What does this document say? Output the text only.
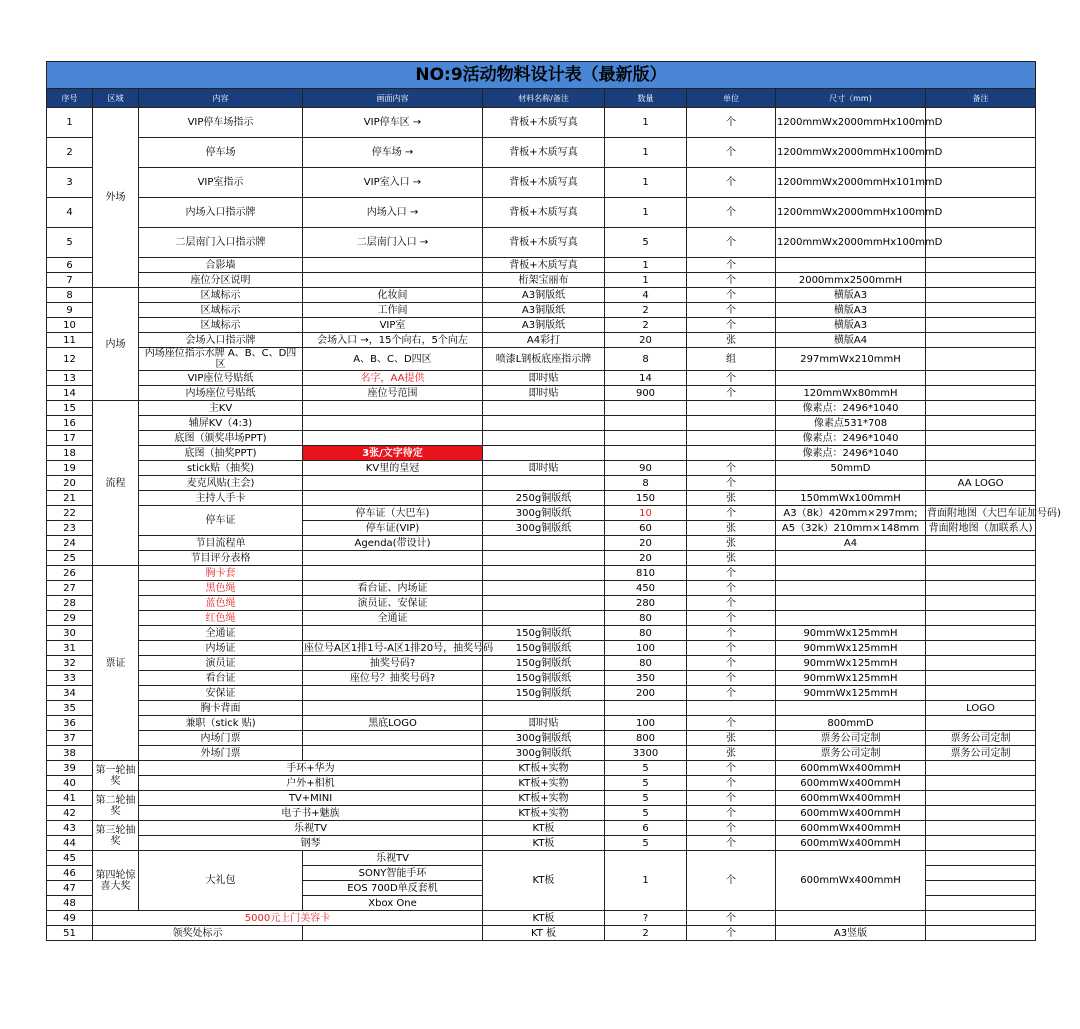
NO:9活动物料设计表（最新版）								
序号	区域	内容	画面内容	材料名称/备注	数量	单位	尺寸（mm)	备注
1	外场	VIP停车场指示	VIP停车区 →	背板+木质写真	1	个	1200mmWx2000mmHx100mmD	
2		停车场	停车场 →	背板+木质写真	1	个	1200mmWx2000mmHx100mmD	
3		VIP室指示	VIP室入口 →	背板+木质写真	1	个	1200mmWx2000mmHx101mmD	
4		内场入口指示牌	内场入口 →	背板+木质写真	1	个	1200mmWx2000mmHx100mmD	
5		二层南门入口指示牌	二层南门入口 →	背板+木质写真	5	个	1200mmWx2000mmHx100mmD	
6		合影墙		背板+木质写真	1	个		
7		座位分区说明		桁架宝丽布	1	个	2000mmx2500mmH	
8	内场	区域标示	化妆间	A3铜版纸	4	个	横版A3	
9		区域标示	工作间	A3铜版纸	2	个	横版A3	
10		区域标示	VIP室	A3铜版纸	2	个	横版A3	
11		会场入口指示牌	会场入口 →，15个向右，5个向左	A4彩打	20	张	横版A4	
12		内场座位指示水牌 A、B、C、D四区	A、B、C、D四区	喷漆L钢板底座指示牌	8	组	297mmWx210mmH	
13		VIP座位号贴纸	名字，AA提供	即时贴	14	个		
14		内场座位号贴纸	座位号范围	即时贴	900	个	120mmWx80mmH	
15	流程	主KV					像素点：2496*1040	
16		辅屏KV（4:3)					像素点531*708	
17		底图（颁奖串场PPT)					像素点：2496*1040	
18		底图（抽奖PPT)	3张/文字待定				像素点：2496*1040	
19		stick贴（抽奖)	KV里的皇冠	即时贴	90	个	50mmD	
20		麦克风贴(主会)			8	个		AA LOGO
21		主持人手卡		250g铜版纸	150	张	150mmWx100mmH	
22		停车证	停车证（大巴车)	300g铜版纸	10	个	A3（8k）420mm×297mm;	背面附地图（大巴车证加号码)
23			停车证(VIP)	300g铜版纸	60	张	A5（32k）210mm×148mm	背面附地图（加联系人)
24		节目流程单	Agenda(带设计)		20	张	A4	
25		节目评分表格			20	张		
26	票证	胸卡套			810	个		
27		黑色绳	看台证、内场证		450	个		
28		蓝色绳	演员证、安保证		280	个		
29		红色绳	全通证		80	个		
30		全通证		150g铜版纸	80	个	90mmWx125mmH	
31		内场证	座位号A区1排1号-A区1排20号，抽奖号码	150g铜版纸	100	个	90mmWx125mmH	
32		演员证	抽奖号码?	150g铜版纸	80	个	90mmWx125mmH	
33		看台证	座位号？抽奖号码?	150g铜版纸	350	个	90mmWx125mmH	
34		安保证		150g铜版纸	200	个	90mmWx125mmH	
35		胸卡背面						LOGO
36		兼职（stick 贴)	黑底LOGO	即时贴	100	个	800mmD	
37		内场门票		300g铜版纸	800	张	票务公司定制	票务公司定制
38		外场门票		300g铜版纸	3300	张	票务公司定制	票务公司定制
39	第一轮抽奖	手环+华为		KT板+实物	5	个	600mmWx400mmH	
40		户外+相机		KT板+实物	5	个	600mmWx400mmH	
41	第二轮抽奖	TV+MINI		KT板+实物	5	个	600mmWx400mmH	
42		电子书+魅族		KT板+实物	5	个	600mmWx400mmH	
43	第三轮抽奖	乐视TV		KT板	6	个	600mmWx400mmH	
44		钢琴		KT板	5	个	600mmWx400mmH	
45	第四轮惊喜大奖	大礼包	乐视TV	KT板	1	个	600mmWx400mmH	
46			SONY智能手环					
47			EOS 700D单反套机					
48			Xbox One					
49	5000元上门美容卡			KT板	?	个		
51	领奖处标示			KT 板	2	个	A3竖版	
